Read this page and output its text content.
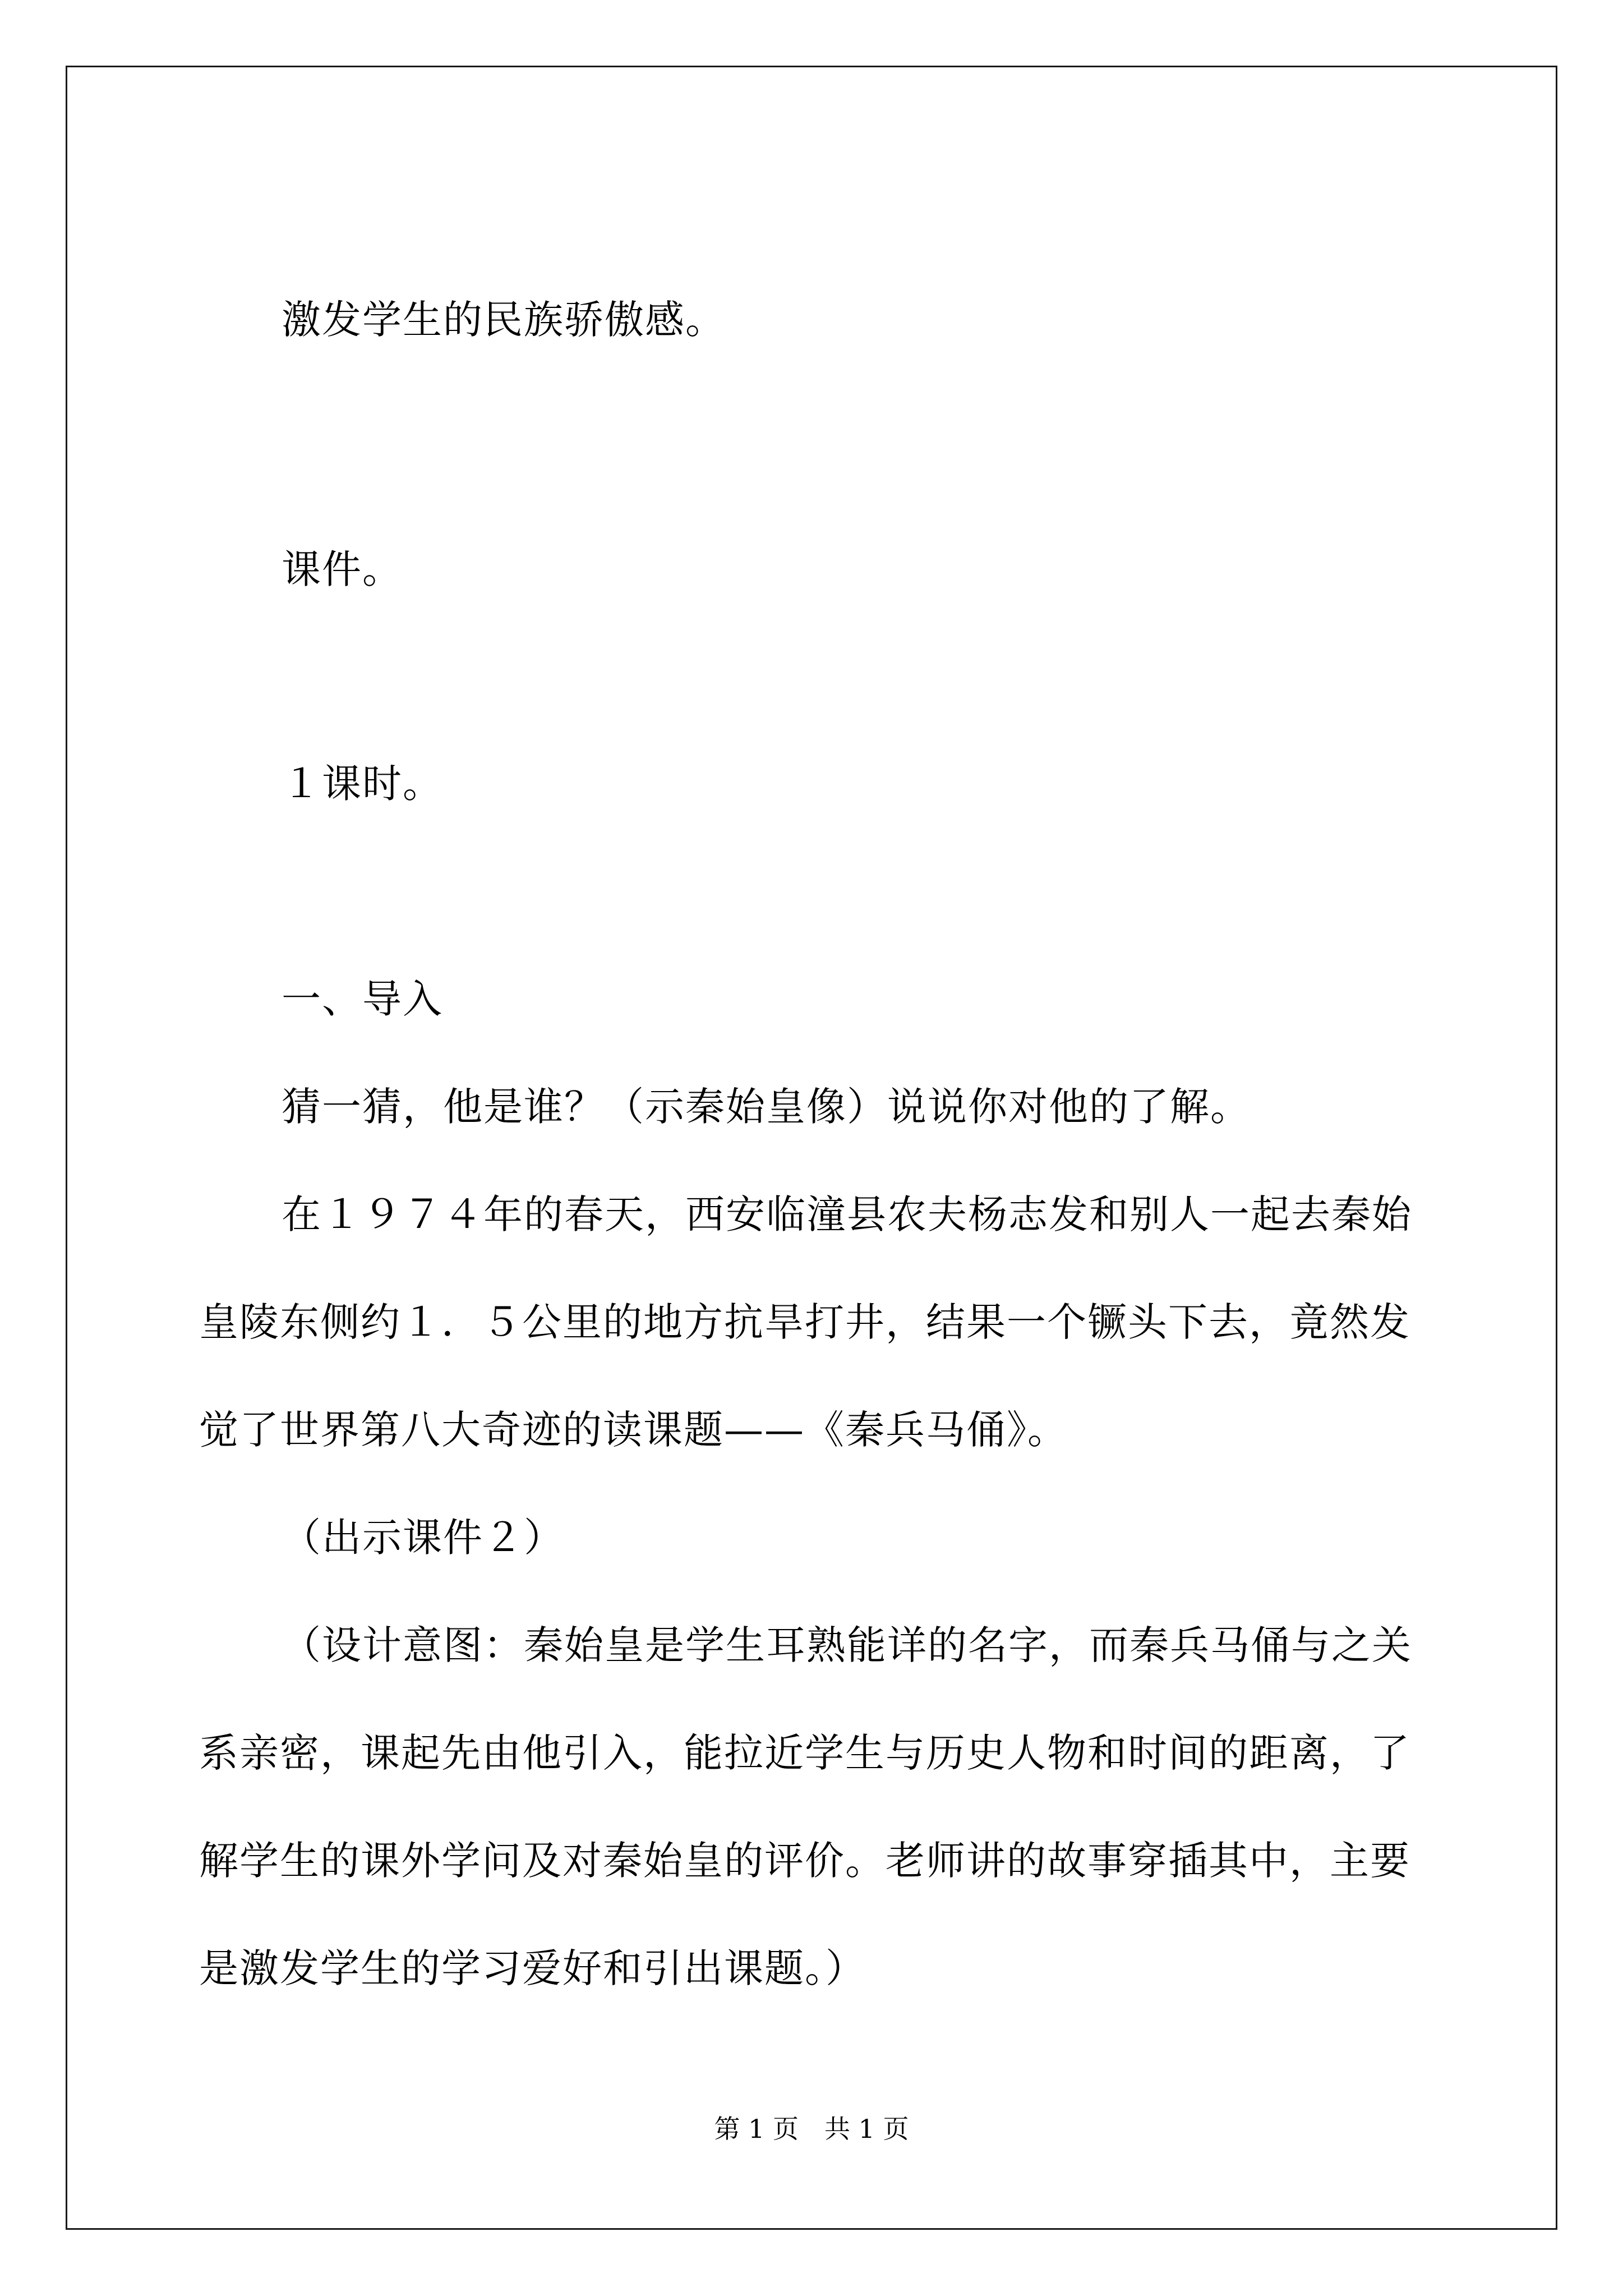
激发学生的民族骄傲感。
课件。
１课时。
一、导入
猜一猜，他是谁？（示秦始皇像）说说你对他的了解。
在１９７４年的春天，西安临潼县农夫杨志发和别人一起去秦始
皇陵东侧约１．５公里的地方抗旱打井，结果一个镢头下去，竟然发
觉了世界第八大奇迹的读课题——《秦兵马俑》。
（出示课件２）
（设计意图：秦始皇是学生耳熟能详的名字，而秦兵马俑与之关
系亲密，课起先由他引入，能拉近学生与历史人物和时间的距离，了
解学生的课外学问及对秦始皇的评价。老师讲的故事穿插其中，主要
是激发学生的学习爱好和引出课题。）
第 1 页　共 1 页
